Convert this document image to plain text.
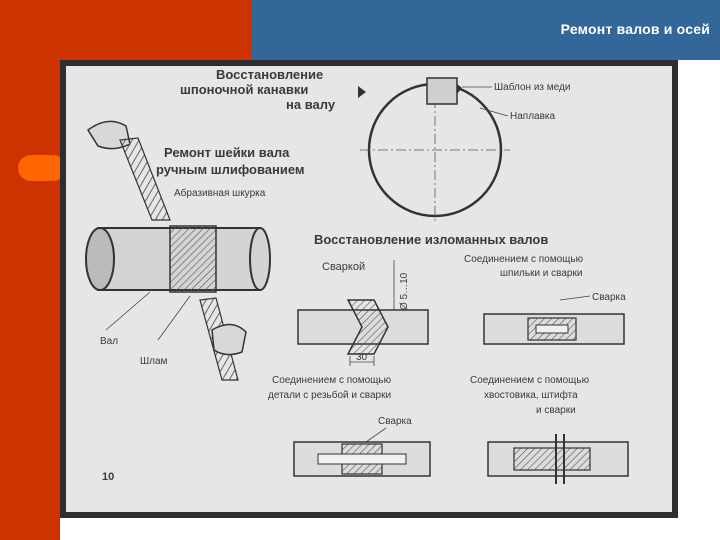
Ремонт валов и осей
Восстановление
шпоночной канавки
на валу
Шаблон из меди
Наплавка
Ремонт шейки вала
ручным шлифованием
Абразивная шкурка
Вал
Шлам
Восстановление изломанных валов
Сваркой
Ø 5…10
30
Соединением с помощью
шпильки и сварки
Сварка
Соединением с помощью
детали с резьбой и сварки
Сварка
Соединением с помощью
хвостовика, штифта
и сварки
10
